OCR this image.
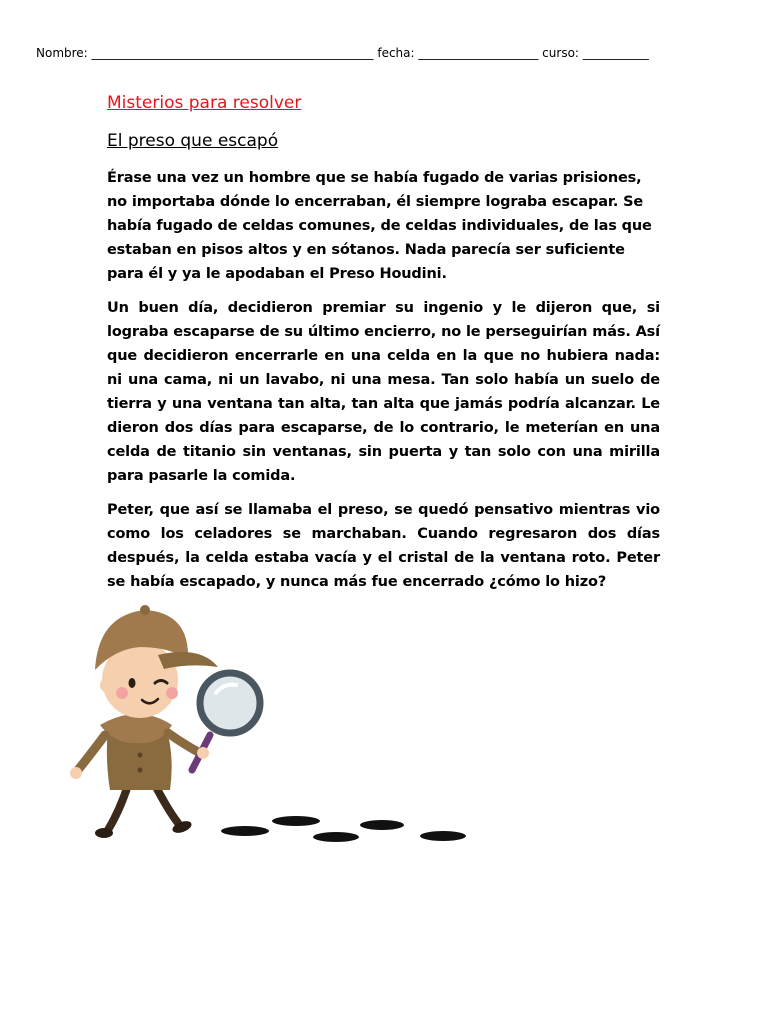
Nombre: _______________________________________________ fecha: ____________________ curso: ___________
Misterios para resolver
El preso que escapó

Érase una vez un hombre que se había fugado de varias prisiones, no importaba dónde lo encerraban, él siempre lograba escapar. Se había fugado de celdas comunes, de celdas individuales, de las que estaban en pisos altos y en sótanos. Nada parecía ser suficiente para él y ya le apodaban el Preso Houdini.

Un buen día, decidieron premiar su ingenio y le dijeron que, si lograba escaparse de su último encierro, no le perseguirían más. Así que decidieron encerrarle en una celda en la que no hubiera nada: ni una cama, ni un lavabo, ni una mesa. Tan solo había un suelo de tierra y una ventana tan alta, tan alta que jamás podría alcanzar. Le dieron dos días para escaparse, de lo contrario, le meterían en una celda de titanio sin ventanas, sin puerta y tan solo con una mirilla para pasarle la comida.

Peter, que así se llamaba el preso, se quedó pensativo mientras vio como los celadores se marchaban. Cuando regresaron dos días después, la celda estaba vacía y el cristal de la ventana roto. Peter se había escapado, y nunca más fue encerrado ¿cómo lo hizo?
